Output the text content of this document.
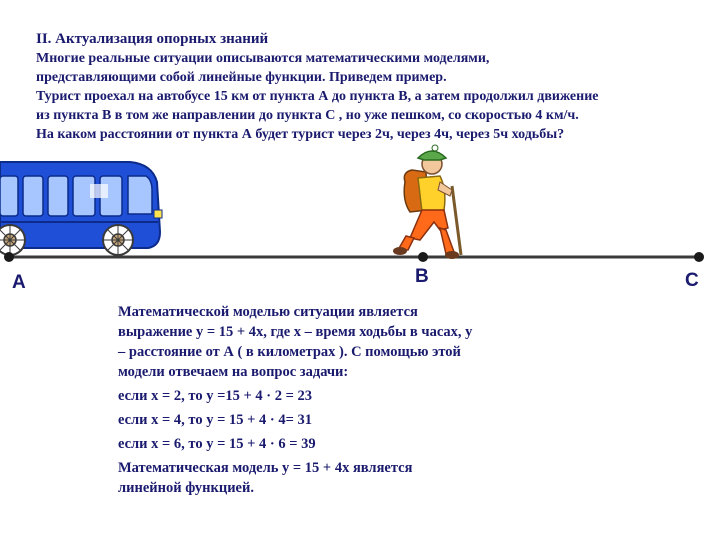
II. Актуализация опорных знаний
Многие реальные ситуации описываются математическими моделями,
представляющими собой линейные функции. Приведем пример.
Турист проехал на автобусе 15 км от пункта А до пункта В, а затем продолжил движение
из пункта В в том же направлении до пункта С , но уже пешком, со скоростью 4 км/ч.
На каком расстоянии от пункта А будет турист через 2ч, через 4ч, через 5ч ходьбы?
A	B	C
Математической моделью ситуации является
выражение у = 15 + 4х, где х – время ходьбы в часах, у
– расстояние от А ( в километрах ). С помощью этой
модели отвечаем на вопрос задачи:
если х = 2, то у =15 + 4 · 2 = 23
если х = 4, то у = 15 + 4 · 4= 31
если х = 6, то у = 15 + 4 · 6 = 39
Математическая модель у = 15 + 4х является
линейной функцией.
